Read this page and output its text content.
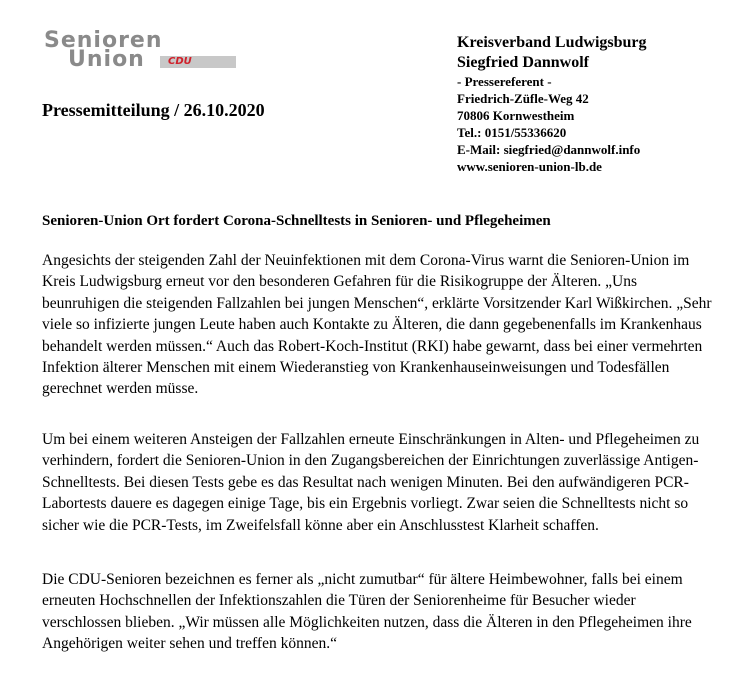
Senioren
Union CDU
Kreisverband Ludwigsburg
Siegfried Dannwolf
- Pressereferent -
Friedrich-Züfle-Weg 42
70806 Kornwestheim
Tel.: 0151/55336620
E-Mail: siegfried@dannwolf.info
www.senioren-union-lb.de
Pressemitteilung / 26.10.2020
Senioren-Union Ort fordert Corona-Schnelltests in Senioren- und Pflegeheimen

Angesichts der steigenden Zahl der Neuinfektionen mit dem Corona-Virus warnt die Senioren-Union im Kreis Ludwigsburg erneut vor den besonderen Gefahren für die Risikogruppe der Älteren. „Uns beunruhigen die steigenden Fallzahlen bei jungen Menschen“, erklärte Vorsitzender Karl Wißkirchen. „Sehr viele so infizierte jungen Leute haben auch Kontakte zu Älteren, die dann gegebenenfalls im Krankenhaus behandelt werden müssen.“ Auch das Robert-Koch-Institut (RKI) habe gewarnt, dass bei einer vermehrten Infektion älterer Menschen mit einem Wiederanstieg von Krankenhauseinweisungen und Todesfällen gerechnet werden müsse.

Um bei einem weiteren Ansteigen der Fallzahlen erneute Einschränkungen in Alten- und Pflegeheimen zu verhindern, fordert die Senioren-Union in den Zugangsbereichen der Einrichtungen zuverlässige Antigen-Schnelltests. Bei diesen Tests gebe es das Resultat nach wenigen Minuten. Bei den aufwändigeren PCR-Labortests dauere es dagegen einige Tage, bis ein Ergebnis vorliegt. Zwar seien die Schnelltests nicht so sicher wie die PCR-Tests, im Zweifelsfall könne aber ein Anschlusstest Klarheit schaffen.

Die CDU-Senioren bezeichnen es ferner als „nicht zumutbar“ für ältere Heimbewohner, falls bei einem erneuten Hochschnellen der Infektionszahlen die Türen der Seniorenheime für Besucher wieder verschlossen blieben. „Wir müssen alle Möglichkeiten nutzen, dass die Älteren in den Pflegeheimen ihre Angehörigen weiter sehen und treffen können.“
